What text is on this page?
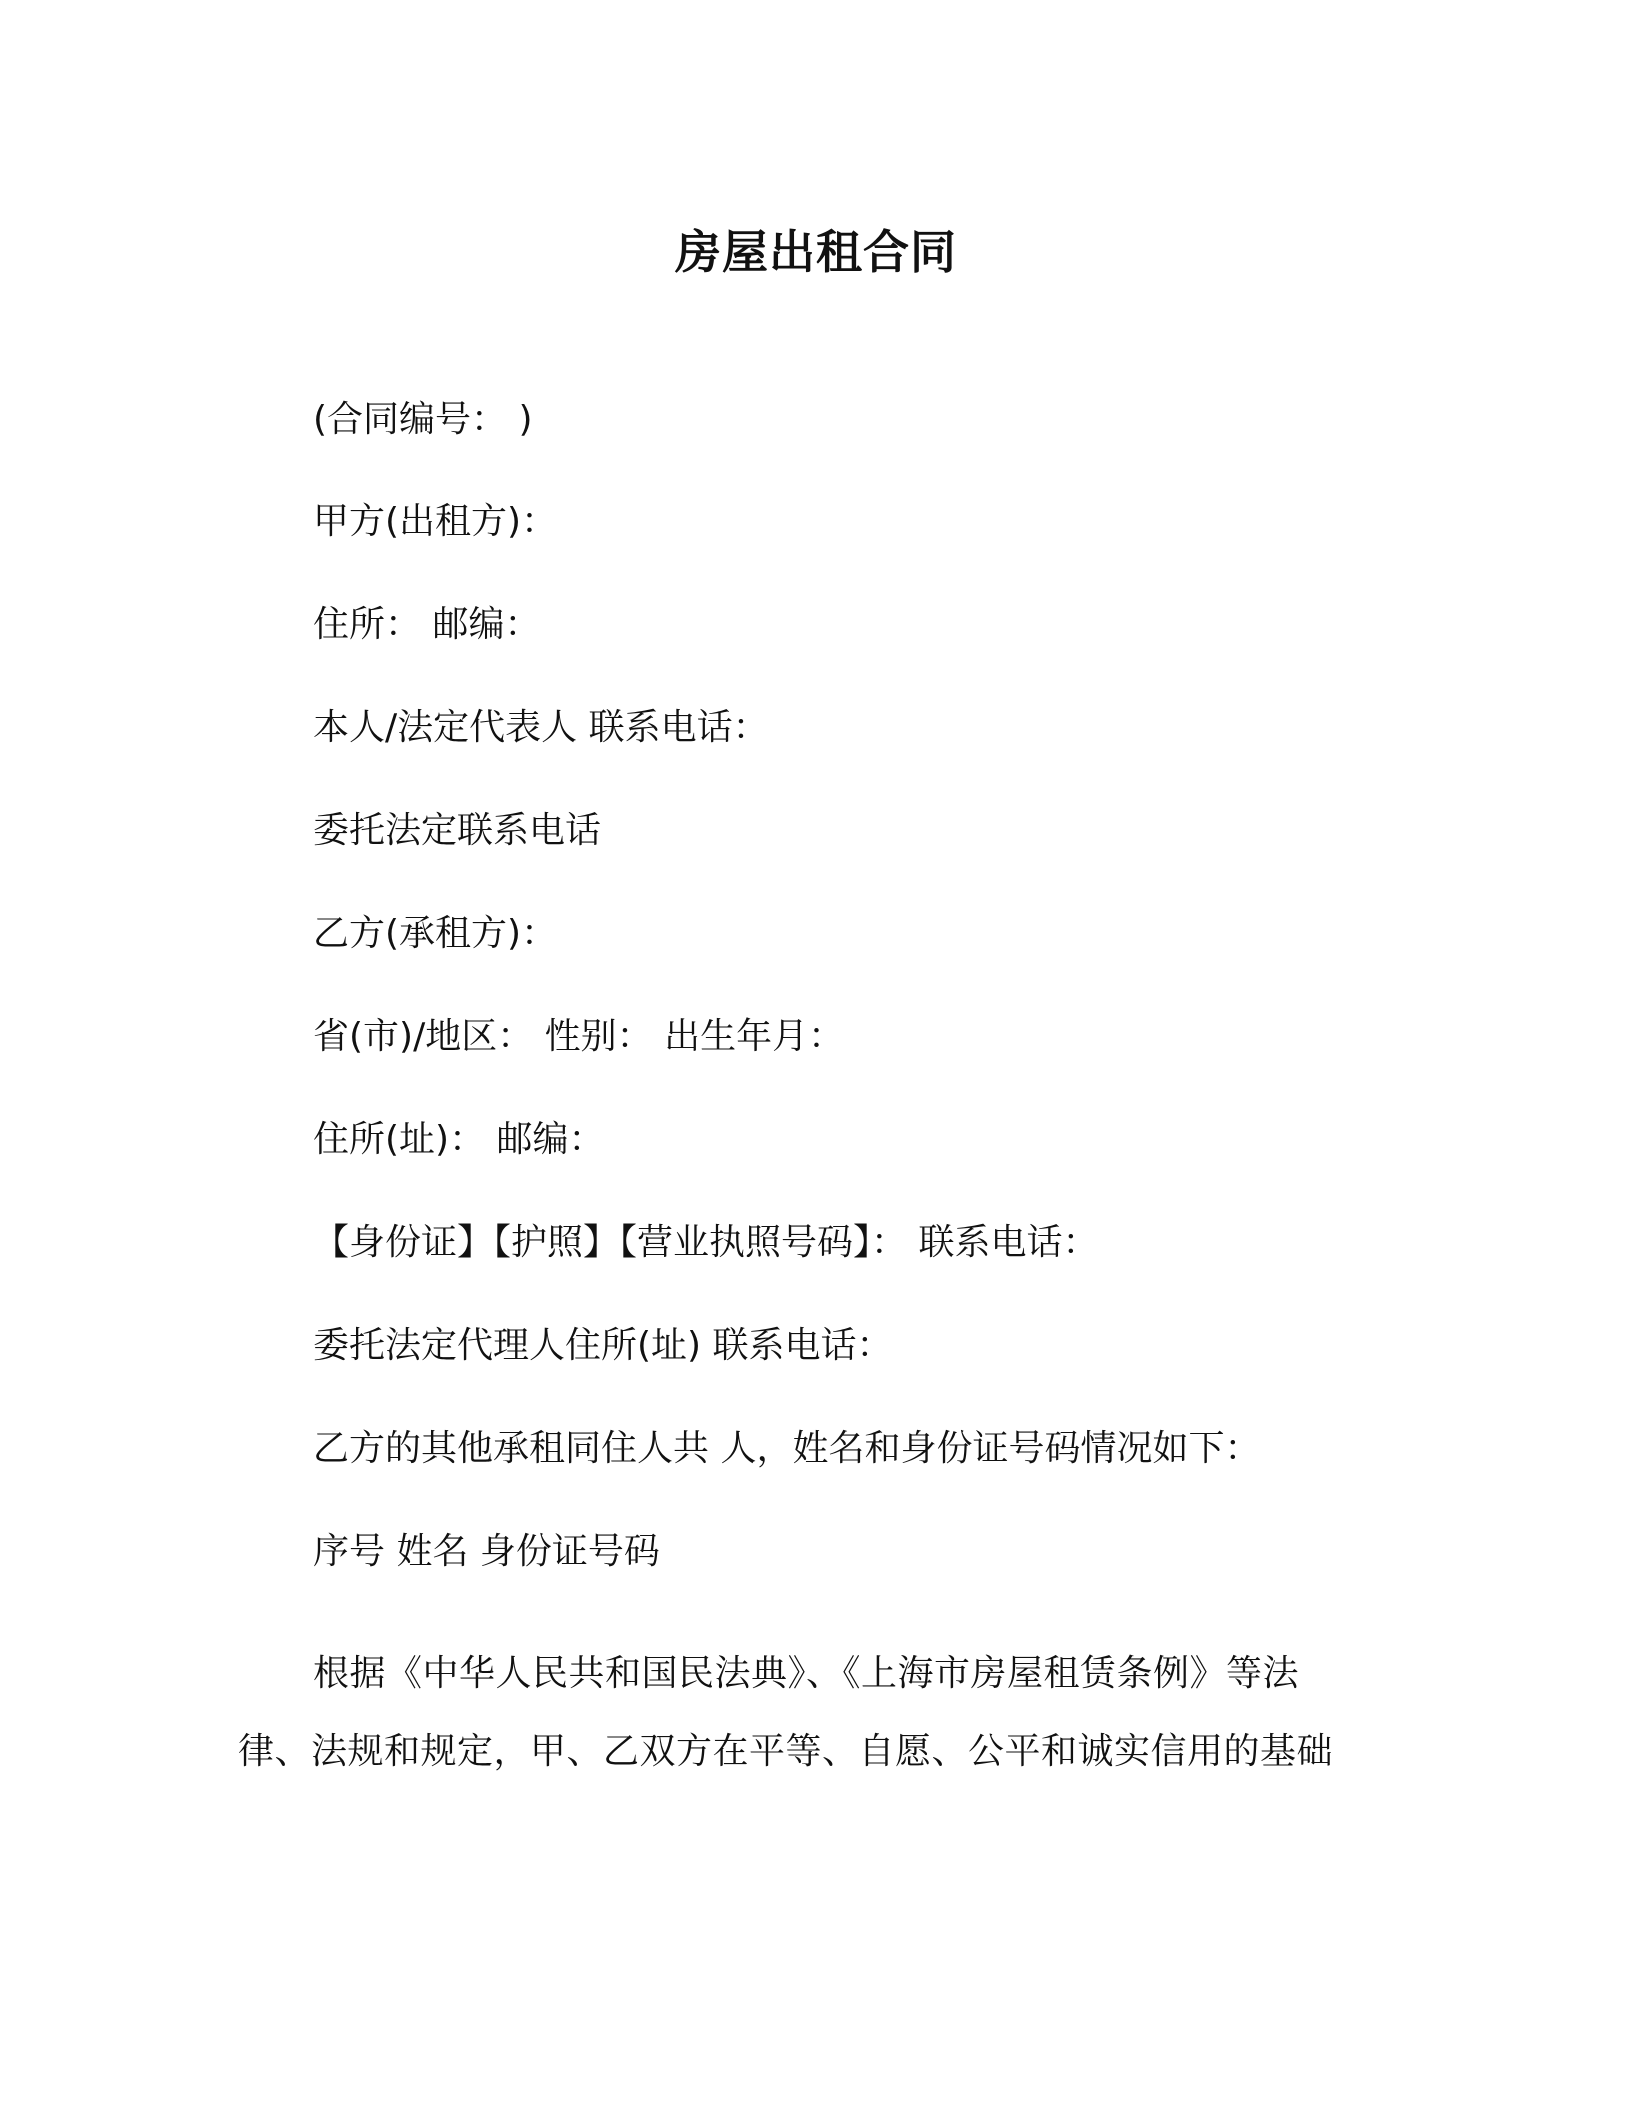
房屋出租合同
(合同编号： )
甲方(出租方)：
住所： 邮编：
本人/法定代表人 联系电话：
委托法定联系电话
乙方(承租方)：
省(市)/地区： 性别： 出生年月：
住所(址)： 邮编：
【身份证】【护照】【营业执照号码】： 联系电话：
委托法定代理人住所(址) 联系电话：
乙方的其他承租同住人共 人，姓名和身份证号码情况如下：
序号 姓名 身份证号码
根据《中华人民共和国民法典》、《上海市房屋租赁条例》等法律、法规和规定，甲、乙双方在平等、自愿、公平和诚实信用的基础
